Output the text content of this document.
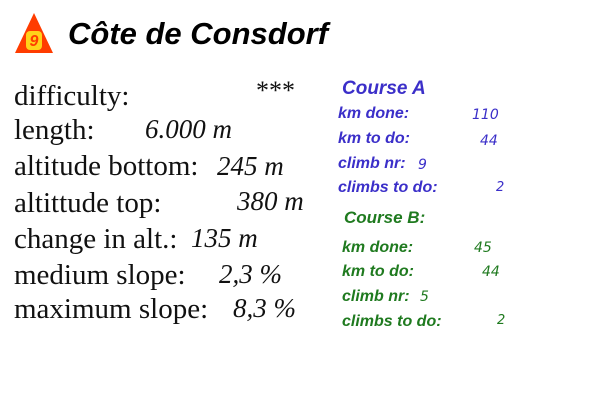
9 Côte de Consdorf
difficulty:	***
length: 6.000 m
altitude bottom: 245 m
altittude top:	380 m
change in alt.: 135 m
medium slope: 2,3 %
maximum slope: 8,3 %
Course A
km done:	110
km to do:	44
climb nr: 9
climbs to do:	2
Course B:
km done:	45
km to do:	44
climb nr: 5
climbs to do:	2
